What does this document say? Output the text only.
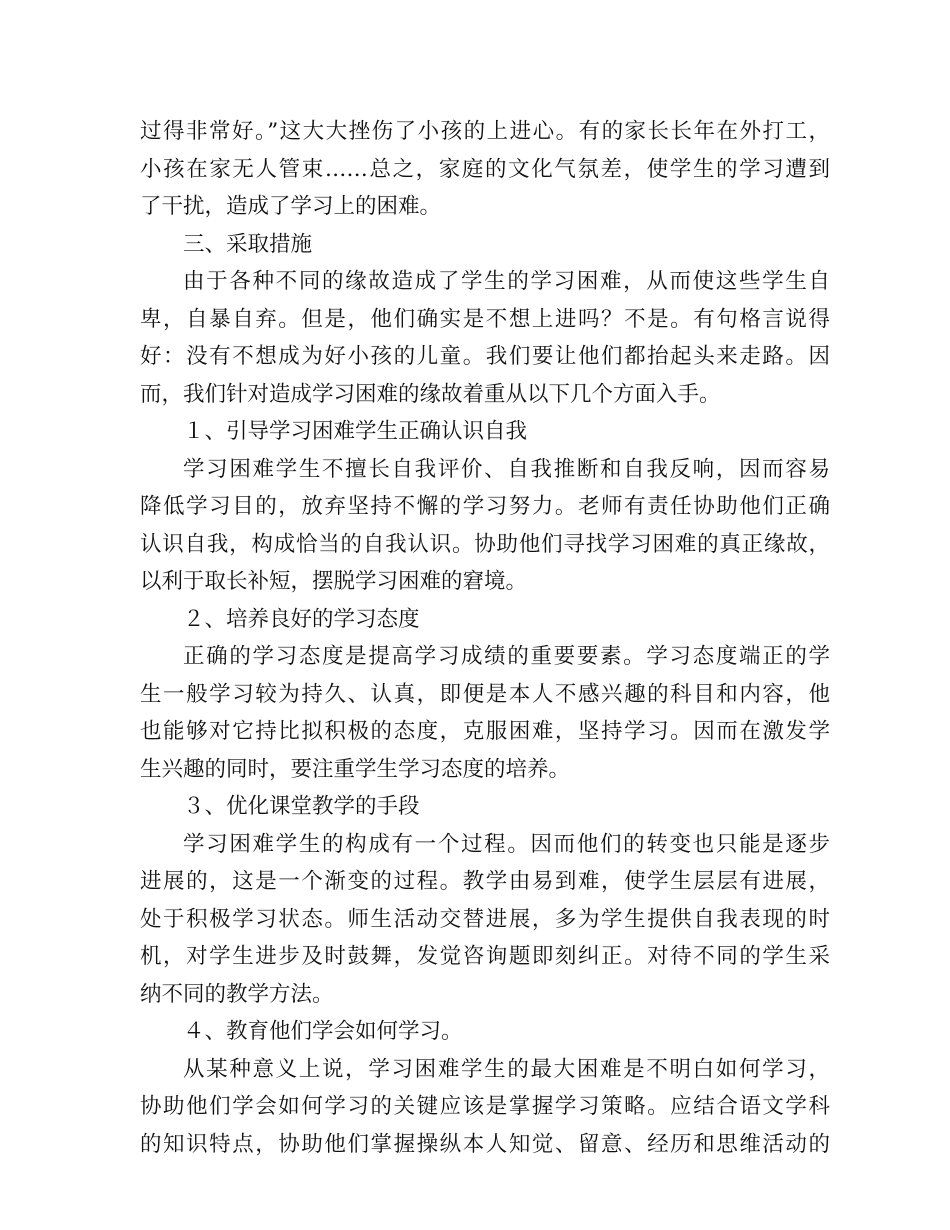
过得非常好。”这大大挫伤了小孩的上进心。有的家长长年在外打工，
小孩在家无人管束……总之，家庭的文化气氛差，使学生的学习遭到
了干扰，造成了学习上的困难。
三、采取措施
由于各种不同的缘故造成了学生的学习困难，从而使这些学生自
卑，自暴自弃。但是，他们确实是不想上进吗？不是。有句格言说得
好：没有不想成为好小孩的儿童。我们要让他们都抬起头来走路。因
而，我们针对造成学习困难的缘故着重从以下几个方面入手。
１、引导学习困难学生正确认识自我
学习困难学生不擅长自我评价、自我推断和自我反响，因而容易
降低学习目的，放弃坚持不懈的学习努力。老师有责任协助他们正确
认识自我，构成恰当的自我认识。协助他们寻找学习困难的真正缘故，
以利于取长补短，摆脱学习困难的窘境。
２、培养良好的学习态度
正确的学习态度是提高学习成绩的重要要素。学习态度端正的学
生一般学习较为持久、认真，即便是本人不感兴趣的科目和内容，他
也能够对它持比拟积极的态度，克服困难，坚持学习。因而在激发学
生兴趣的同时，要注重学生学习态度的培养。
３、优化课堂教学的手段
学习困难学生的构成有一个过程。因而他们的转变也只能是逐步
进展的，这是一个渐变的过程。教学由易到难，使学生层层有进展，
处于积极学习状态。师生活动交替进展，多为学生提供自我表现的时
机，对学生进步及时鼓舞，发觉咨询题即刻纠正。对待不同的学生采
纳不同的教学方法。
４、教育他们学会如何学习。
从某种意义上说，学习困难学生的最大困难是不明白如何学习，
协助他们学会如何学习的关键应该是掌握学习策略。应结合语文学科
的知识特点，协助他们掌握操纵本人知觉、留意、经历和思维活动的
